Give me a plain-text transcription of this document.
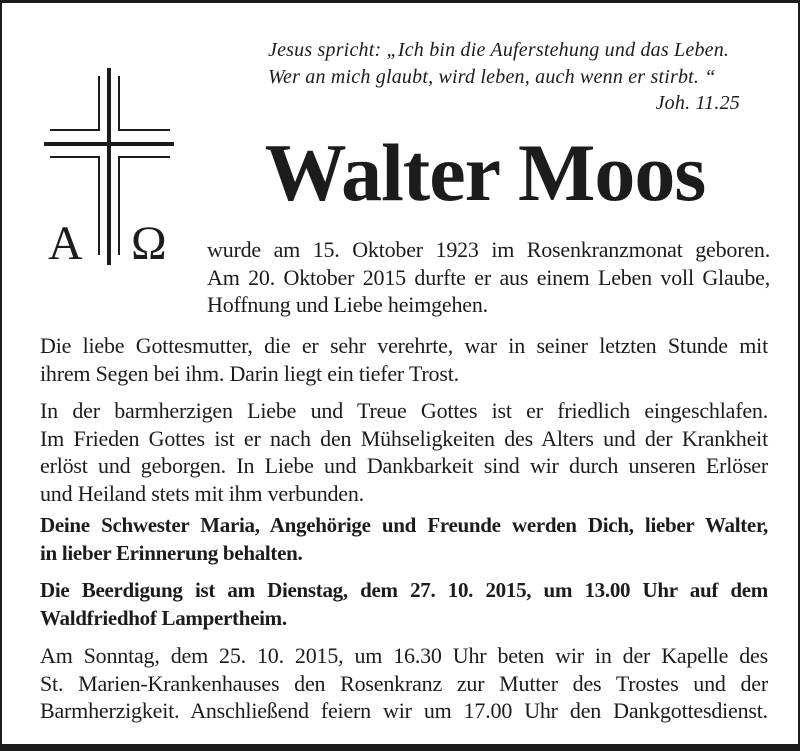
Jesus spricht: „Ich bin die Auferstehung und das Leben.
Wer an mich glaubt, wird leben, auch wenn er stirbt. “
Joh. 11.25
A Ω
Walter Moos
wurde am 15. Oktober 1923 im Rosenkranzmonat geboren.
Am 20. Oktober 2015 durfte er aus einem Leben voll Glaube,
Hoffnung und Liebe heimgehen.
Die liebe Gottesmutter, die er sehr verehrte, war in seiner letzten Stunde mit
ihrem Segen bei ihm. Darin liegt ein tiefer Trost.
In der barmherzigen Liebe und Treue Gottes ist er friedlich eingeschlafen.
Im Frieden Gottes ist er nach den Mühseligkeiten des Alters und der Krankheit
erlöst und geborgen. In Liebe und Dankbarkeit sind wir durch unseren Erlöser
und Heiland stets mit ihm verbunden.
Deine Schwester Maria, Angehörige und Freunde werden Dich, lieber Walter,
in lieber Erinnerung behalten.
Die Beerdigung ist am Dienstag, dem 27. 10. 2015, um 13.00 Uhr auf dem
Waldfriedhof Lampertheim.
Am Sonntag, dem 25. 10. 2015, um 16.30 Uhr beten wir in der Kapelle des
St. Marien-Krankenhauses den Rosenkranz zur Mutter des Trostes und der
Barmherzigkeit. Anschließend feiern wir um 17.00 Uhr den Dankgottesdienst.
